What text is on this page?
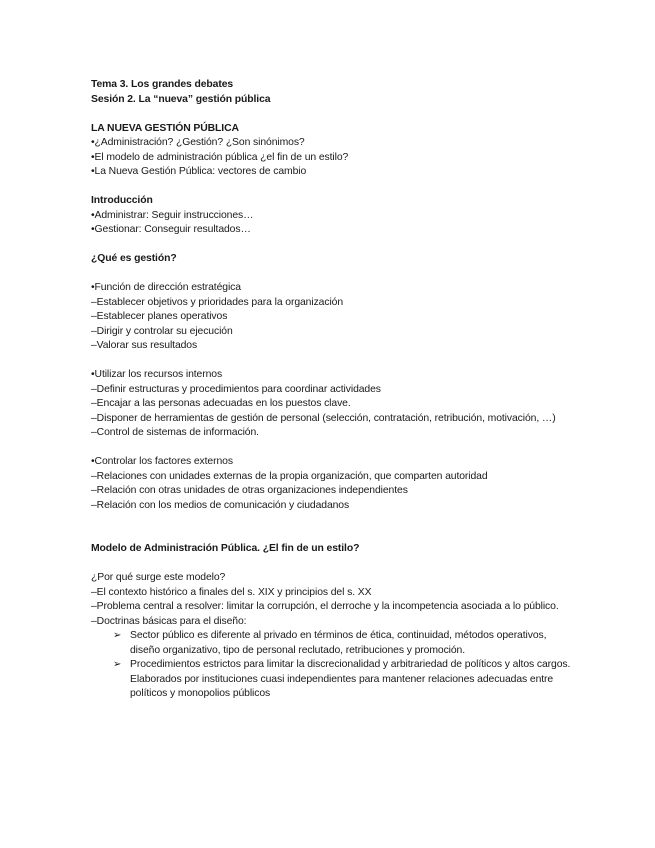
Tema 3. Los grandes debates
Sesión 2. La “nueva” gestión pública
LA NUEVA GESTIÓN PÚBLICA
•¿Administración? ¿Gestión? ¿Son sinónimos?
•El modelo de administración pública ¿el fin de un estilo?
•La Nueva Gestión Pública: vectores de cambio
Introducción
•Administrar: Seguir instrucciones…
•Gestionar: Conseguir resultados…
¿Qué es gestión?
•Función de dirección estratégica
–Establecer objetivos y prioridades para la organización
–Establecer planes operativos
–Dirigir y controlar su ejecución
–Valorar sus resultados
•Utilizar los recursos internos
–Definir estructuras y procedimientos para coordinar actividades
–Encajar a las personas adecuadas en los puestos clave.
–Disponer de herramientas de gestión de personal (selección, contratación, retribución, motivación, …)
–Control de sistemas de información.
•Controlar los factores externos
–Relaciones con unidades externas de la propia organización, que comparten autoridad
–Relación con otras unidades de otras organizaciones independientes
–Relación con los medios de comunicación y ciudadanos
Modelo de Administración Pública. ¿El fin de un estilo?
¿Por qué surge este modelo?
–El contexto histórico a finales del s. XIX y principios del s. XX
–Problema central a resolver: limitar la corrupción, el derroche y la incompetencia asociada a lo público.
–Doctrinas básicas para el diseño:
➢ Sector público es diferente al privado en términos de ética, continuidad, métodos operativos, diseño organizativo, tipo de personal reclutado, retribuciones y promoción.
➢ Procedimientos estrictos para limitar la discrecionalidad y arbitrariedad de políticos y altos cargos. Elaborados por instituciones cuasi independientes para mantener relaciones adecuadas entre políticos y monopolios públicos
